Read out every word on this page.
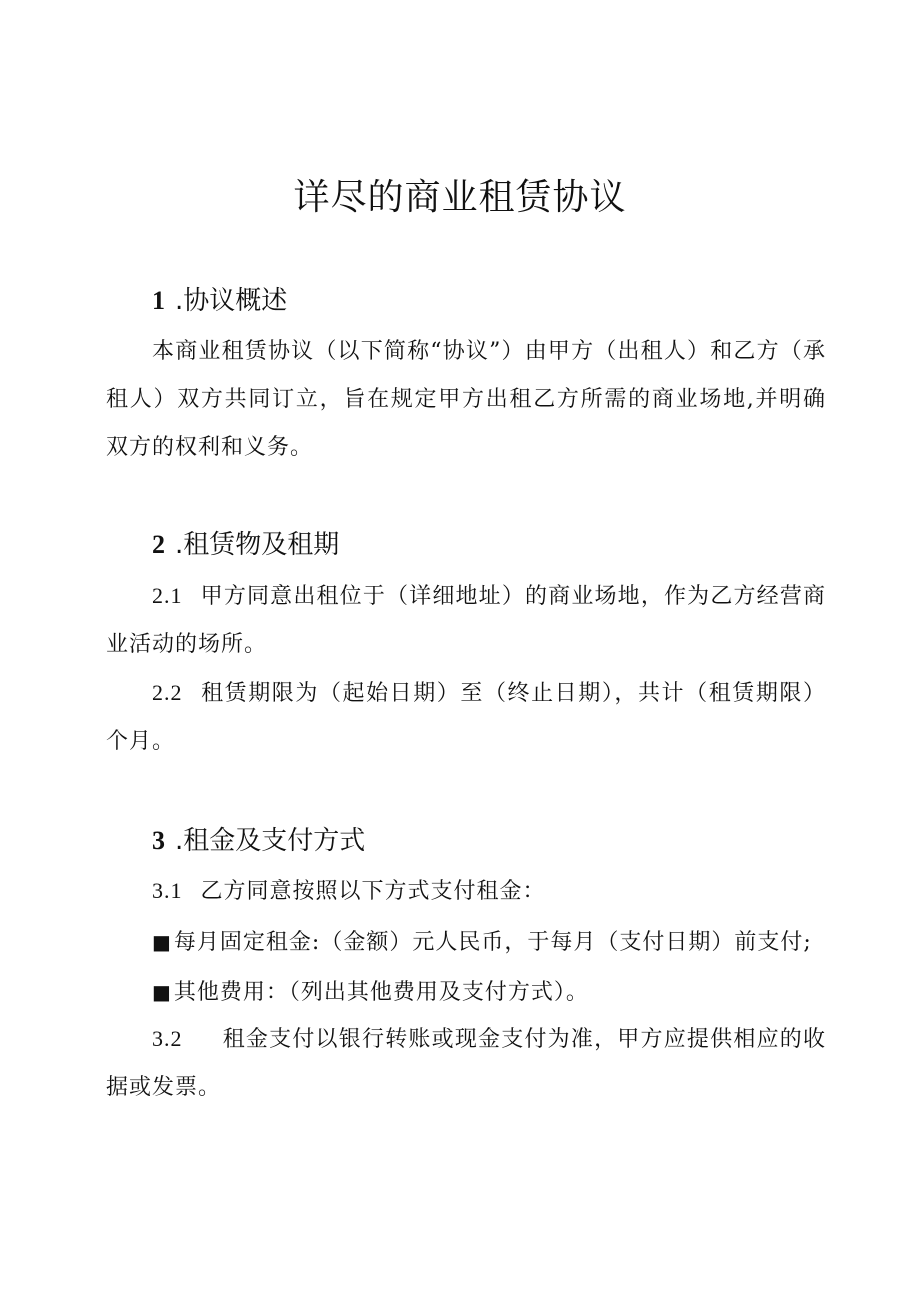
详尽的商业租赁协议
1 .协议概述

本商业租赁协议（以下简称“协议”）由甲方（出租人）和乙方（承租人）双方共同订立，旨在规定甲方出租乙方所需的商业场地,并明确双方的权利和义务。

2 .租赁物及租期

2.1 甲方同意出租位于（详细地址）的商业场地，作为乙方经营商业活动的场所。

2.2 租赁期限为（起始日期）至（终止日期），共计（租赁期限）个月。

3 .租金及支付方式

3.1 乙方同意按照以下方式支付租金：

■每月固定租金:（金额）元人民币，于每月（支付日期）前支付;

■其他费用：（列出其他费用及支付方式）。

3.2 租金支付以银行转账或现金支付为准，甲方应提供相应的收据或发票。
